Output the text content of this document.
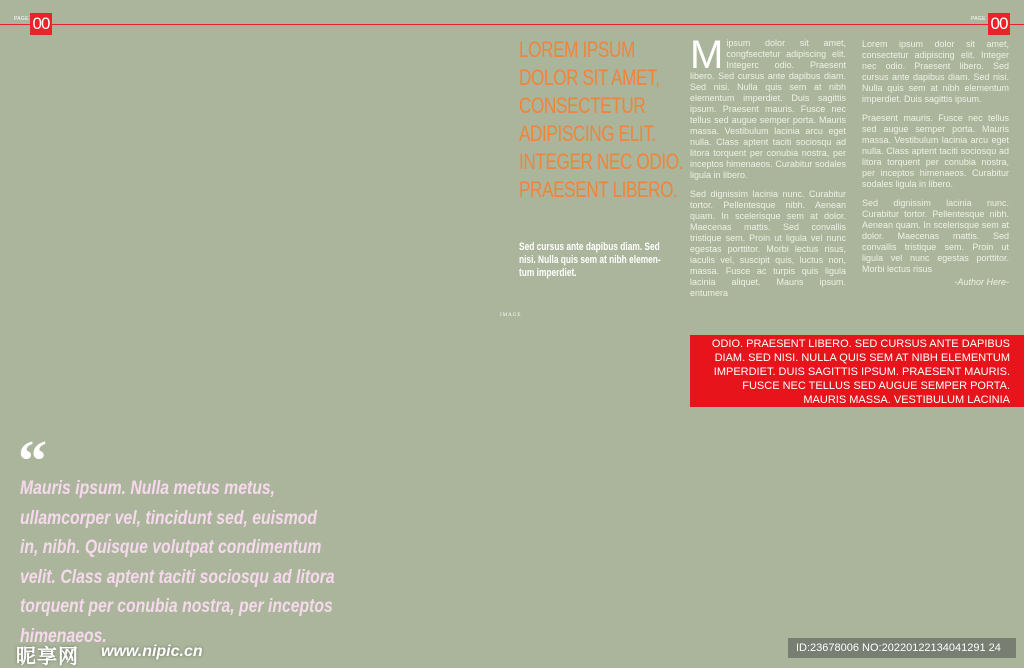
PAGE 00	PAGE 00
LOREM IPSUM DOLOR SIT AMET, CONSECTETUR ADIPISCING ELIT. INTEGER NEC ODIO. PRAESENT LIBERO.
Sed cursus ante dapibus diam. Sed nisi. Nulla quis sem at nibh elemen-tum imperdiet.

Mipsum dolor sit amet, congfsectetur adipiscing elit. Integerc odio. Praesent libero. Sed cursus ante dapibus diam. Sed nisi. Nulla quis sem at nibh elementum imperdiet. Duis sagittis ipsum. Praesent mauris. Fusce nec tellus sed augue semper porta. Mauris massa. Vestibulum lacinia arcu eget nulla. Class aptent taciti sociosqu ad litora torquent per conubia nostra, per inceptos himenaeos. Curabitur sodales ligula in libero.

Sed dignissim lacinia nunc. Curabitur tortor. Pellentesque nibh. Aenean quam. In scelerisque sem at dolor. Maecenas mattis. Sed convallis tristique sem. Proin ut ligula vel nunc egestas porttitor. Morbi lectus risus, iaculis vel, suscipit quis, luctus non, massa. Fusce ac turpis quis ligula lacinia aliquet. Mauris ipsum. entumera

Lorem ipsum dolor sit amet, consectetur adipiscing elit. Integer nec odio. Praesent libero. Sed cursus ante dapibus diam. Sed nisi. Nulla quis sem at nibh elementum imperdiet. Duis sagittis ipsum.

Praesent mauris. Fusce nec tellus sed augue semper porta. Mauris massa. Vestibulum lacinia arcu eget nulla. Class aptent taciti sociosqu ad litora torquent per conubia nostra, per inceptos himenaeos. Curabitur sodales ligula in libero.

Sed dignissim lacinia nunc. Curabitur tortor. Pellentesque nibh. Aenean quam. In scelerisque sem at dolor. Maecenas mattis. Sed convallis tristique sem. Proin ut ligula vel nunc egestas porttitor. Morbi lectus risus

-Author Here-
IMAGE
ODIO. PRAESENT LIBERO. SED CURSUS ANTE DAPIBUS DIAM. SED NISI. NULLA QUIS SEM AT NIBH ELEMENTUM IMPERDIET. DUIS SAGITTIS IPSUM. PRAESENT MAURIS. FUSCE NEC TELLUS SED AUGUE SEMPER PORTA. MAURIS MASSA. VESTIBULUM LACINIA
“
Mauris ipsum. Nulla metus metus, ullamcorper vel, tincidunt sed, euismod in, nibh. Quisque volutpat condimentum velit. Class aptent taciti sociosqu ad litora torquent per conubia nostra, per inceptos himenaeos.
昵享网 www.nipic.cn	ID:23678006 NO:20220122134041291 24
